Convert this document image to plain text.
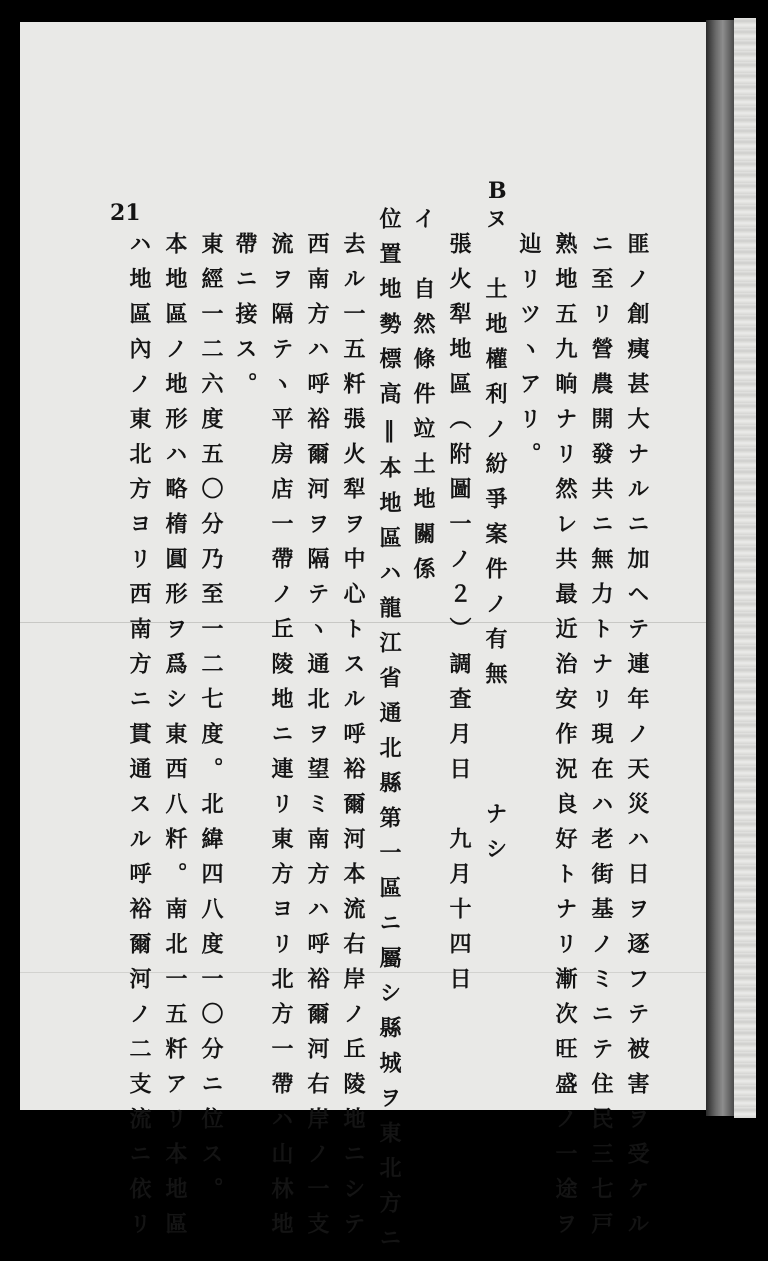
21
B
匪ノ創痍甚大ナルニ加ヘテ連年ノ天災ハ日ヲ逐フテ被害ヲ受ケル
ニ至リ營農開發共ニ無力トナリ現在ハ老街基ノミニテ住民三七戸
熟地五九晌ナリ然レ共最近治安作況良好トナリ漸次旺盛ノ一途ヲ
辿リツヽアリ。
ヌ　土地權利ノ紛爭案件ノ有無　　　ナシ
張火犁地區（附圖一ノ２）調査月日　九月十四日
イ　自然條件竝土地關係
位置地勢標高‖本地區ハ龍江省通北縣第一區ニ屬シ縣城ヲ東北方ニ
去ル一五粁張火犁ヲ中心トスル呼裕爾河本流右岸ノ丘陵地ニシテ
西南方ハ呼裕爾河ヲ隔テヽ通北ヲ望ミ南方ハ呼裕爾河右岸ノ一支
流ヲ隔テヽ平房店一帶ノ丘陵地ニ連リ東方ヨリ北方一帶ハ山林地
帶ニ接ス。
東經一二六度五〇分乃至一二七度。北緯四八度一〇分ニ位ス。
本地區ノ地形ハ略楕圓形ヲ爲シ東西八粁。南北一五粁アリ本地區
ハ地區內ノ東北方ヨリ西南方ニ貫通スル呼裕爾河ノ二支流ニ依リ
